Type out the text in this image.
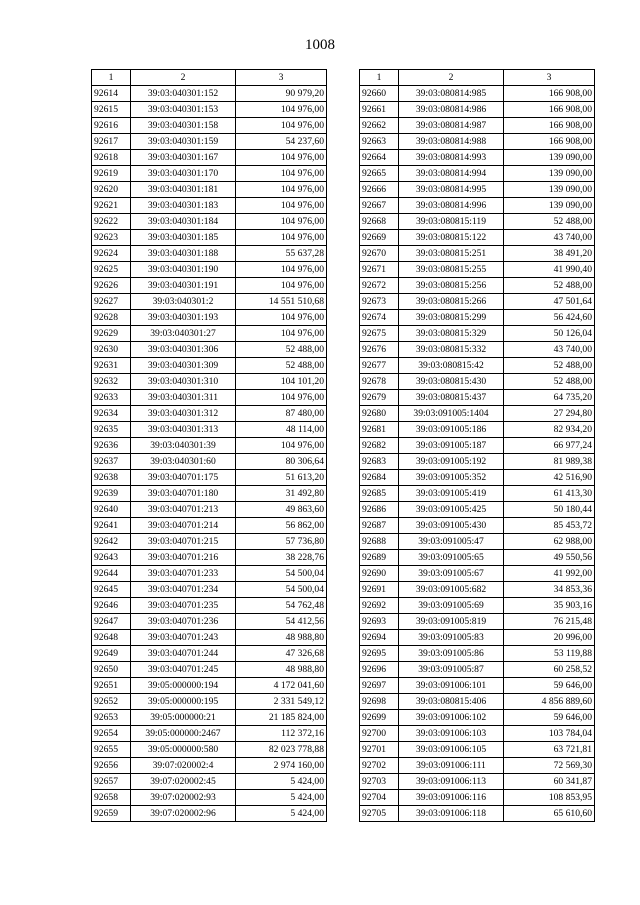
1008
1	2	3
92614	39:03:040301:152	90 979,20
92615	39:03:040301:153	104 976,00
92616	39:03:040301:158	104 976,00
92617	39:03:040301:159	54 237,60
92618	39:03:040301:167	104 976,00
92619	39:03:040301:170	104 976,00
92620	39:03:040301:181	104 976,00
92621	39:03:040301:183	104 976,00
92622	39:03:040301:184	104 976,00
92623	39:03:040301:185	104 976,00
92624	39:03:040301:188	55 637,28
92625	39:03:040301:190	104 976,00
92626	39:03:040301:191	104 976,00
92627	39:03:040301:2	14 551 510,68
92628	39:03:040301:193	104 976,00
92629	39:03:040301:27	104 976,00
92630	39:03:040301:306	52 488,00
92631	39:03:040301:309	52 488,00
92632	39:03:040301:310	104 101,20
92633	39:03:040301:311	104 976,00
92634	39:03:040301:312	87 480,00
92635	39:03:040301:313	48 114,00
92636	39:03:040301:39	104 976,00
92637	39:03:040301:60	80 306,64
92638	39:03:040701:175	51 613,20
92639	39:03:040701:180	31 492,80
92640	39:03:040701:213	49 863,60
92641	39:03:040701:214	56 862,00
92642	39:03:040701:215	57 736,80
92643	39:03:040701:216	38 228,76
92644	39:03:040701:233	54 500,04
92645	39:03:040701:234	54 500,04
92646	39:03:040701:235	54 762,48
92647	39:03:040701:236	54 412,56
92648	39:03:040701:243	48 988,80
92649	39:03:040701:244	47 326,68
92650	39:03:040701:245	48 988,80
92651	39:05:000000:194	4 172 041,60
92652	39:05:000000:195	2 331 549,12
92653	39:05:000000:21	21 185 824,00
92654	39:05:000000:2467	112 372,16
92655	39:05:000000:580	82 023 778,88
92656	39:07:020002:4	2 974 160,00
92657	39:07:020002:45	5 424,00
92658	39:07:020002:93	5 424,00
92659	39:07:020002:96	5 424,00
1	2	3
92660	39:03:080814:985	166 908,00
92661	39:03:080814:986	166 908,00
92662	39:03:080814:987	166 908,00
92663	39:03:080814:988	166 908,00
92664	39:03:080814:993	139 090,00
92665	39:03:080814:994	139 090,00
92666	39:03:080814:995	139 090,00
92667	39:03:080814:996	139 090,00
92668	39:03:080815:119	52 488,00
92669	39:03:080815:122	43 740,00
92670	39:03:080815:251	38 491,20
92671	39:03:080815:255	41 990,40
92672	39:03:080815:256	52 488,00
92673	39:03:080815:266	47 501,64
92674	39:03:080815:299	56 424,60
92675	39:03:080815:329	50 126,04
92676	39:03:080815:332	43 740,00
92677	39:03:080815:42	52 488,00
92678	39:03:080815:430	52 488,00
92679	39:03:080815:437	64 735,20
92680	39:03:091005:1404	27 294,80
92681	39:03:091005:186	82 934,20
92682	39:03:091005:187	66 977,24
92683	39:03:091005:192	81 989,38
92684	39:03:091005:352	42 516,90
92685	39:03:091005:419	61 413,30
92686	39:03:091005:425	50 180,44
92687	39:03:091005:430	85 453,72
92688	39:03:091005:47	62 988,00
92689	39:03:091005:65	49 550,56
92690	39:03:091005:67	41 992,00
92691	39:03:091005:682	34 853,36
92692	39:03:091005:69	35 903,16
92693	39:03:091005:819	76 215,48
92694	39:03:091005:83	20 996,00
92695	39:03:091005:86	53 119,88
92696	39:03:091005:87	60 258,52
92697	39:03:091006:101	59 646,00
92698	39:03:080815:406	4 856 889,60
92699	39:03:091006:102	59 646,00
92700	39:03:091006:103	103 784,04
92701	39:03:091006:105	63 721,81
92702	39:03:091006:111	72 569,30
92703	39:03:091006:113	60 341,87
92704	39:03:091006:116	108 853,95
92705	39:03:091006:118	65 610,60
